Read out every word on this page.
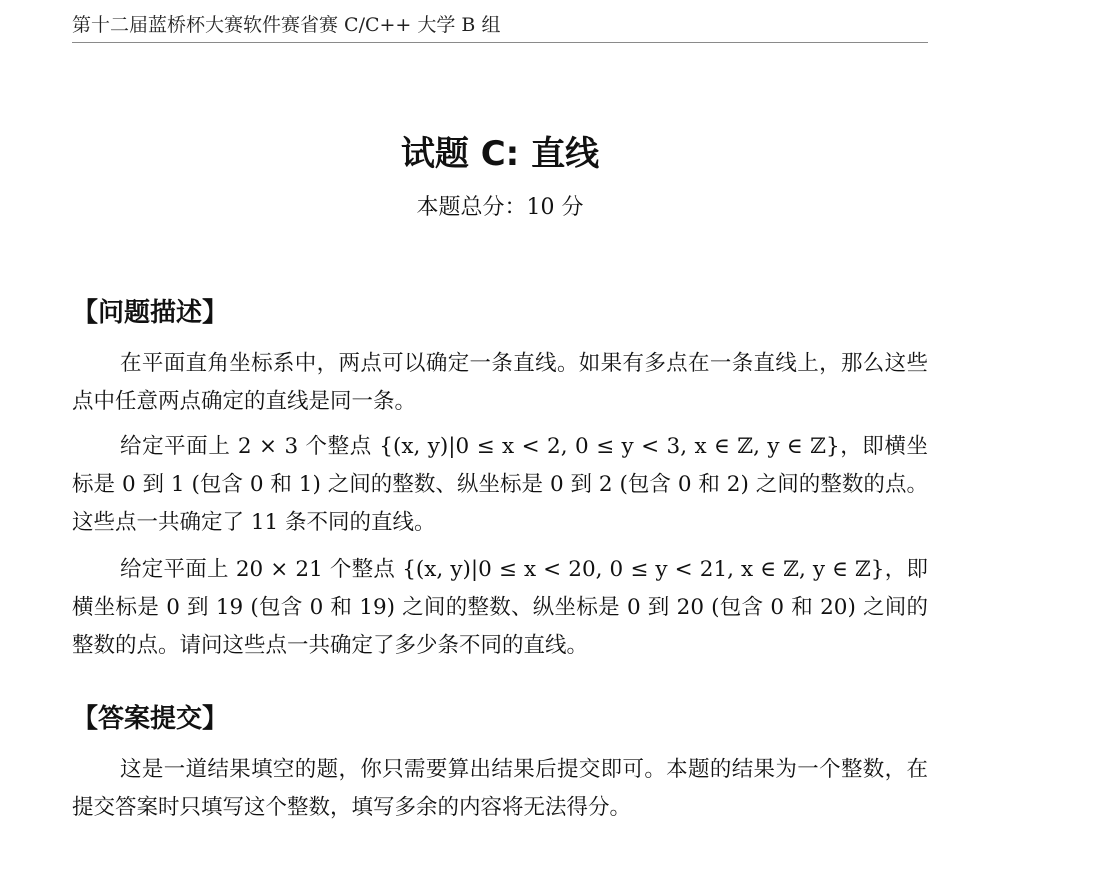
第十二届蓝桥杯大赛软件赛省赛 C/C++ 大学 B 组
试题 C: 直线
本题总分：10 分
【问题描述】

在平面直角坐标系中，两点可以确定一条直线。如果有多点在一条直线上，那么这些点中任意两点确定的直线是同一条。

给定平面上 2 × 3 个整点 {(x, y)|0 ≤ x < 2, 0 ≤ y < 3, x ∈ ℤ, y ∈ ℤ}，即横坐标是 0 到 1 (包含 0 和 1) 之间的整数、纵坐标是 0 到 2 (包含 0 和 2) 之间的整数的点。这些点一共确定了 11 条不同的直线。

给定平面上 20 × 21 个整点 {(x, y)|0 ≤ x < 20, 0 ≤ y < 21, x ∈ ℤ, y ∈ ℤ}，即横坐标是 0 到 19 (包含 0 和 19) 之间的整数、纵坐标是 0 到 20 (包含 0 和 20) 之间的整数的点。请问这些点一共确定了多少条不同的直线。

【答案提交】

这是一道结果填空的题，你只需要算出结果后提交即可。本题的结果为一个整数，在提交答案时只填写这个整数，填写多余的内容将无法得分。
